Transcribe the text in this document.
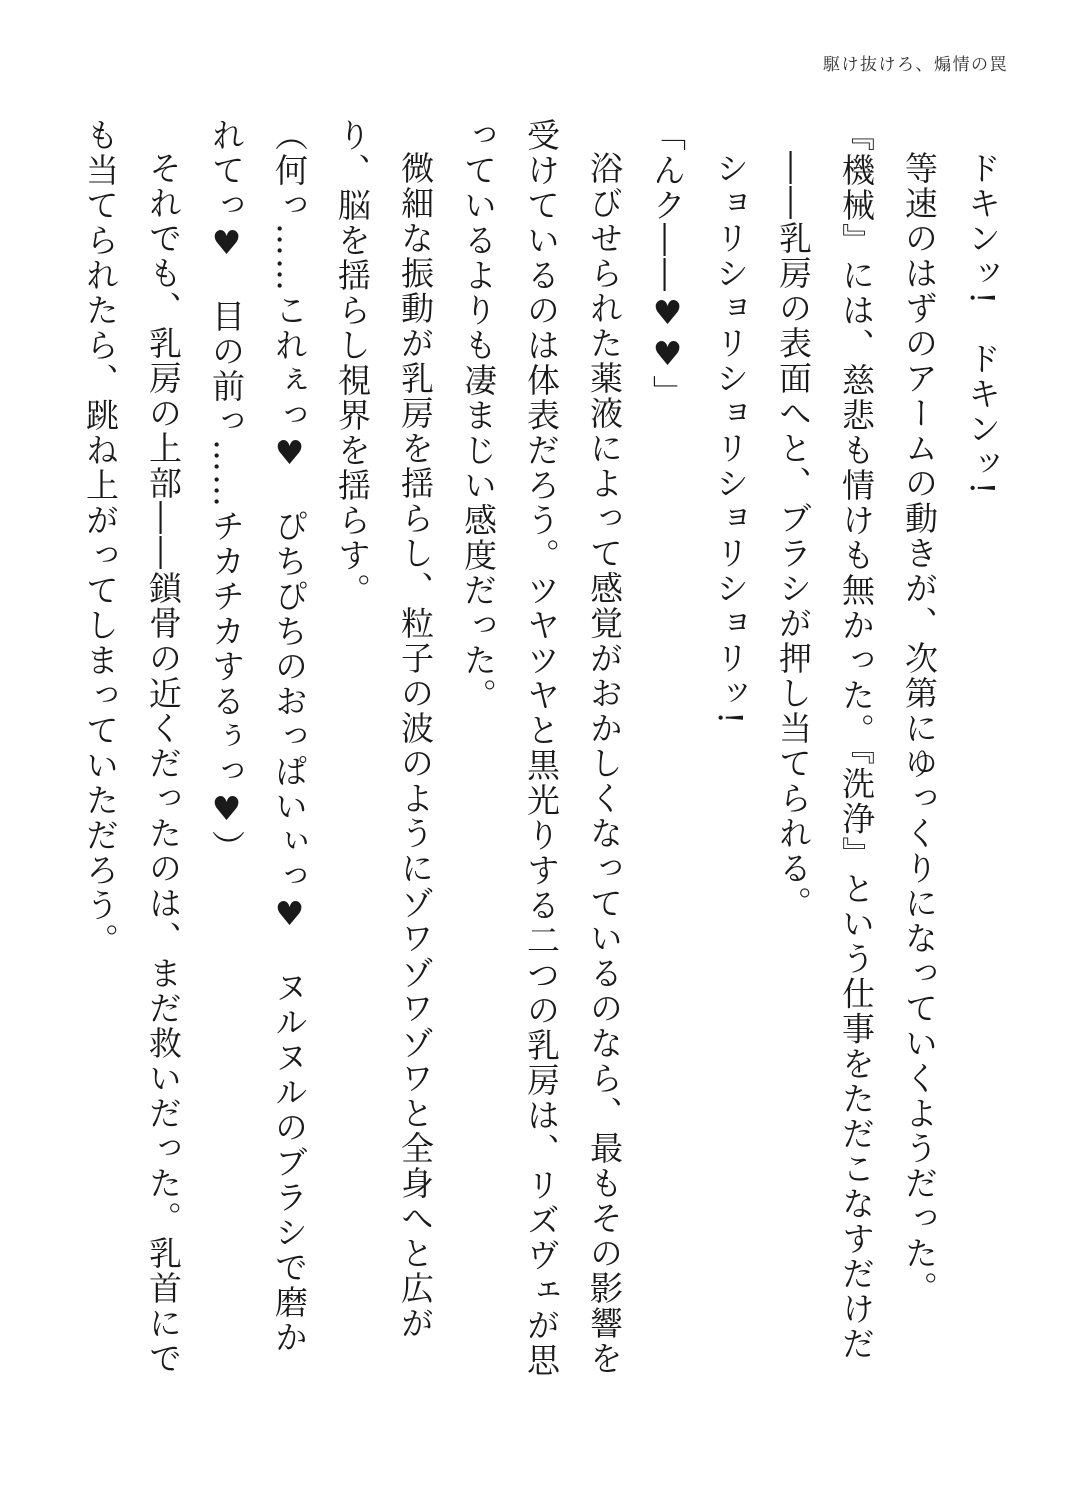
駆け抜けろ、煽情の罠

ドキンッ!　ドキンッ!

等速のはずのアームの動きが、次第にゆっくりになっていくようだった。

『機械』には、慈悲も情けも無かった。『洗浄』という仕事をただこなすだけだ

――乳房の表面へと、ブラシが押し当てられる。

ショリショリショリショリショリッ!

「んク――♥♥」

浴びせられた薬液によって感覚がおかしくなっているのなら、最もその影響を受けているのは体表だろう。ツヤツヤと黒光りする二つの乳房は、リズヴェが思っているよりも凄まじい感度だった。

微細な振動が乳房を揺らし、粒子の波のようにゾワゾワゾワと全身へと広がり、脳を揺らし視界を揺らす。

（何っ……これぇっ♥　ぴちぴちのおっぱいぃっ♥　ヌルヌルのブラシで磨かれてっ♥　目の前っ……チカチカするぅっ♥）

それでも、乳房の上部――鎖骨の近くだったのは、まだ救いだった。乳首にでも当てられたら、跳ね上がってしまっていただろう。
